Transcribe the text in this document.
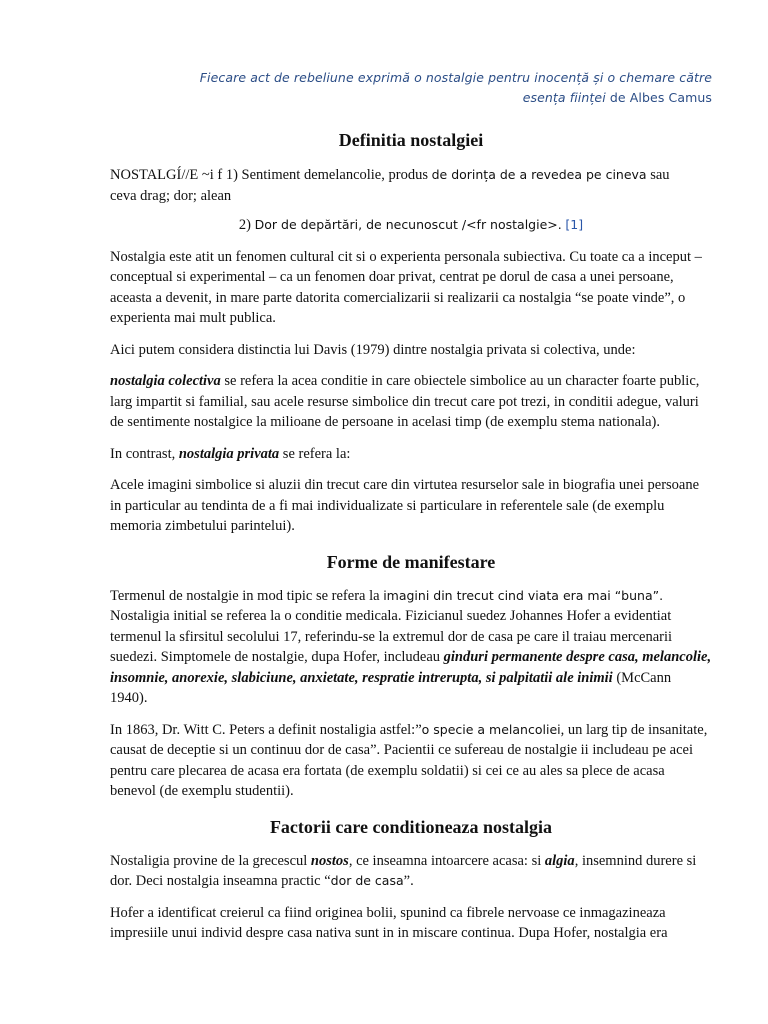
Fiecare act de rebeliune exprimă o nostalgie pentru inocență și o chemare către
esența ființei de Albes Camus
Definitia nostalgiei

NOSTALGÍ//E ~i f 1) Sentiment demelancolie, produs de dorința de a revedea pe cineva sau
ceva drag; dor; alean

2) Dor de depărtări, de necunoscut /<fr nostalgie>. [1]

Nostalgia este atit un fenomen cultural cit si o experienta personala subiectiva. Cu toate ca a inceput – conceptual si experimental – ca un fenomen doar privat, centrat pe dorul de casa a unei persoane, aceasta a devenit, in mare parte datorita comercializarii si realizarii ca nostalgia “se poate vinde”, o experienta mai mult publica.

Aici putem considera distinctia lui Davis (1979) dintre nostalgia privata si colectiva, unde:

nostalgia colectiva se refera la acea conditie in care obiectele simbolice au un character foarte public, larg impartit si familial, sau acele resurse simbolice din trecut care pot trezi, in conditii adegue, valuri de sentimente nostalgice la milioane de persoane in acelasi timp (de exemplu stema nationala).

In contrast, nostalgia privata se refera la:

Acele imagini simbolice si aluzii din trecut care din virtutea resurselor sale in biografia unei persoane in particular au tendinta de a fi mai individualizate si particulare in referentele sale (de exemplu memoria zimbetului parintelui).

Forme de manifestare

Termenul de nostalgie in mod tipic se refera la imagini din trecut cind viata era mai “buna”. Nostaligia initial se referea la o conditie medicala. Fizicianul suedez Johannes Hofer a evidentiat termenul la sfirsitul secolului 17, referindu-se la extremul dor de casa pe care il traiau mercenarii suedezi. Simptomele de nostalgie, dupa Hofer, includeau ginduri permanente despre casa, melancolie, insomnie, anorexie, slabiciune, anxietate, respratie intrerupta, si palpitatii ale inimii (McCann 1940).

In 1863, Dr. Witt C. Peters a definit nostaligia astfel:”o specie a melancoliei, un larg tip de insanitate, causat de deceptie si un continuu dor de casa”. Pacientii ce sufereau de nostalgie ii includeau pe acei pentru care plecarea de acasa era fortata (de exemplu soldatii) si cei ce au ales sa plece de acasa benevol (de exemplu studentii).

Factorii care conditioneaza nostalgia

Nostaligia provine de la grecescul nostos, ce inseamna intoarcere acasa: si algia, insemnind durere si dor. Deci nostalgia inseamna practic “dor de casa”.

Hofer a identificat creierul ca fiind originea bolii, spunind ca fibrele nervoase ce inmagazineaza impresiile unui individ despre casa nativa sunt in in miscare continua. Dupa Hofer, nostalgia era
